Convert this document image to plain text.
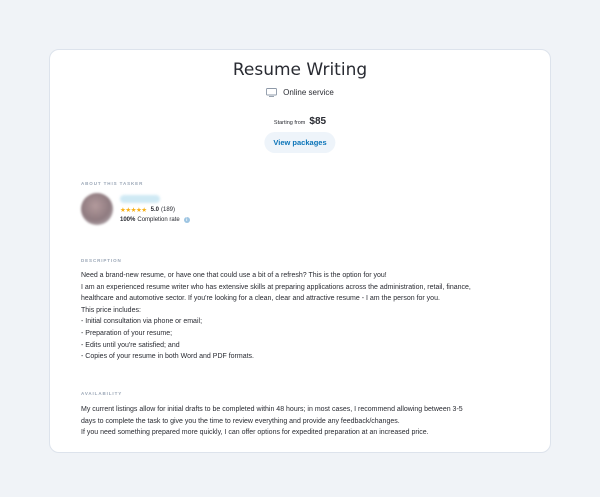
Resume Writing
Online service
Starting from $85
View packages
ABOUT THIS TASKER
★★★★★ 5.0 (189)
100% Completion rate	i
DESCRIPTION
Need a brand-new resume, or have one that could use a bit of a refresh? This is the option for you!
I am an experienced resume writer who has extensive skills at preparing applications across the administration, retail, finance,
healthcare and automotive sector. If you're looking for a clean, clear and attractive resume - I am the person for you.
This price includes:
- Initial consultation via phone or email;
- Preparation of your resume;
- Edits until you're satisfied; and
- Copies of your resume in both Word and PDF formats.
AVAILABILITY
My current listings allow for initial drafts to be completed within 48 hours; in most cases, I recommend allowing between 3-5
days to complete the task to give you the time to review everything and provide any feedback/changes.
If you need something prepared more quickly, I can offer options for expedited preparation at an increased price.
